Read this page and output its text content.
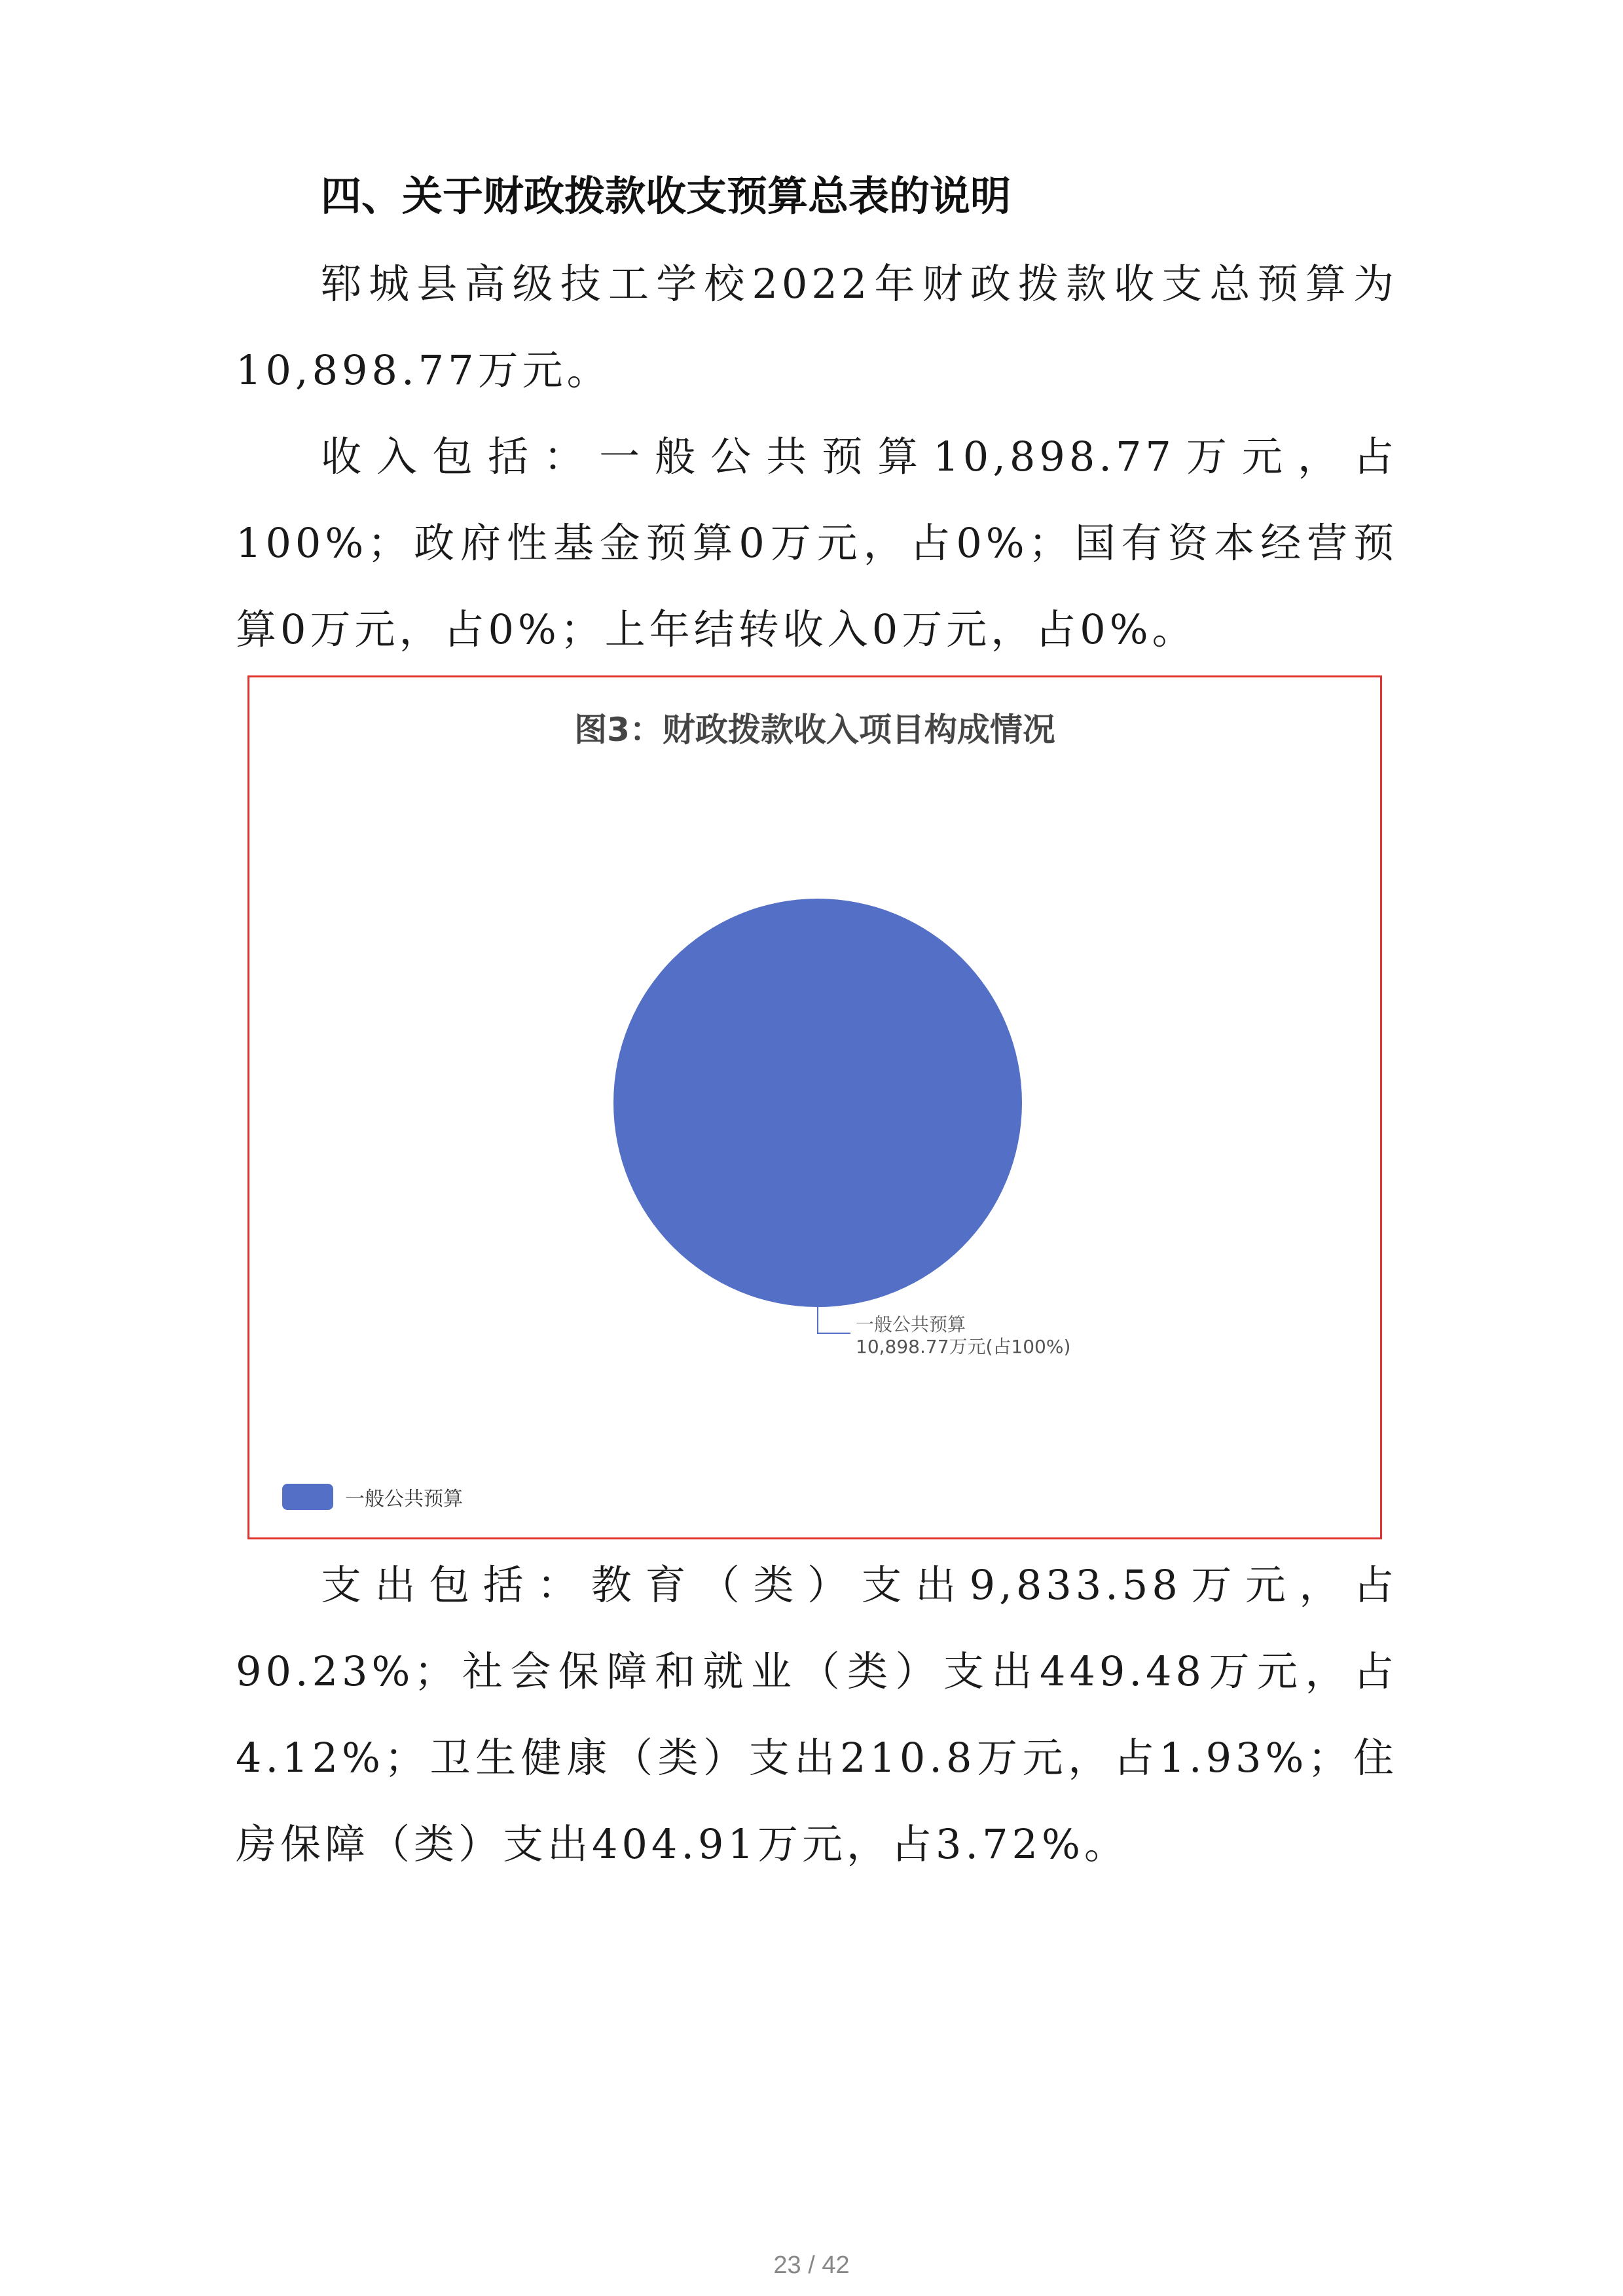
四、关于财政拨款收支预算总表的说明
郓城县高级技工学校2022年财政拨款收支总预算为10,898.77万元。
收入包括：一般公共预算10,898.77万元，占100%；政府性基金预算0万元，占0%；国有资本经营预算0万元，占0%；上年结转收入0万元，占0%。
图3：财政拨款收入项目构成情况
一般公共预算
10,898.77万元(占100%)
一般公共预算
支出包括：教育（类）支出9,833.58万元，占90.23%；社会保障和就业（类）支出449.48万元，占4.12%；卫生健康（类）支出210.8万元，占1.93%；住房保障（类）支出404.91万元，占3.72%。
23 / 42
